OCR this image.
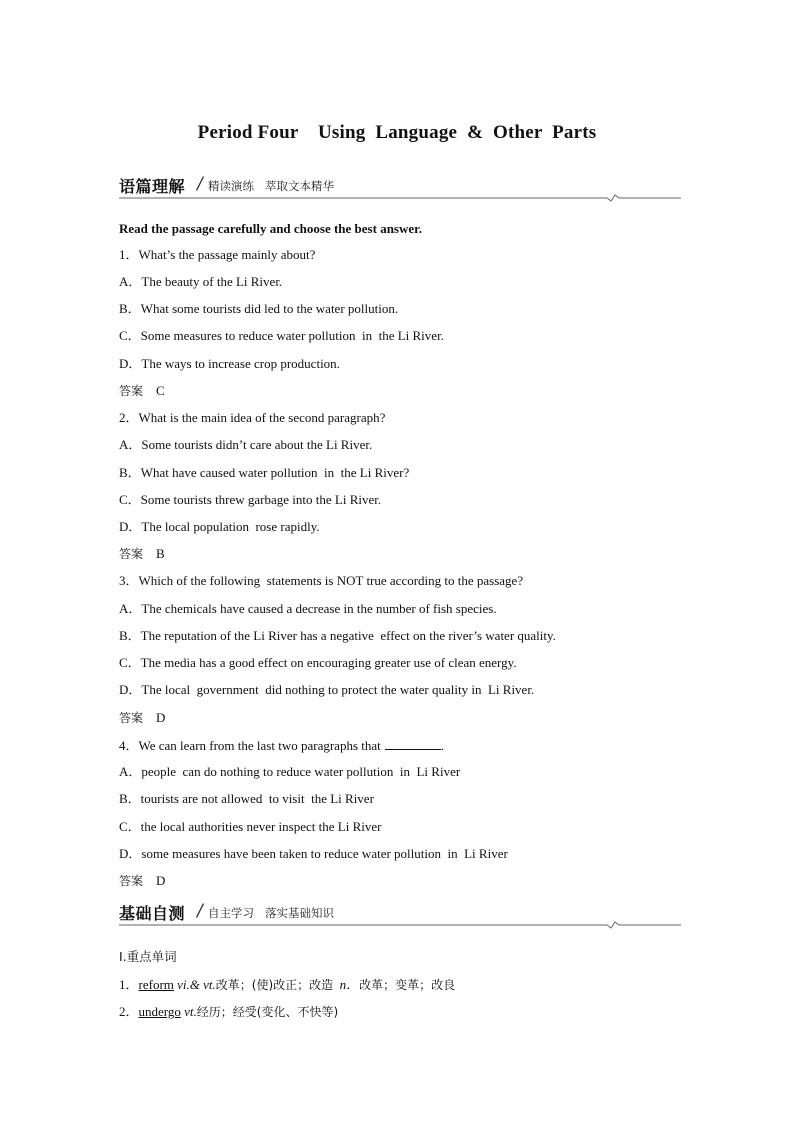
Period Four    Using  Language  &  Other  Parts
语篇理解 / 精读演练   萃取文本精华
Read the passage carefully and choose the best answer.
1．What’s the passage mainly about?
A．The beauty of the Li River.
B．What some tourists did led to the water pollution.
C．Some measures to reduce water pollution  in  the Li River.
D．The ways to increase crop production.
答案 C
2．What is the main idea of the second paragraph?
A．Some tourists didn’t care about the Li River.
B．What have caused water pollution  in  the Li River?
C．Some tourists threw garbage into the Li River.
D．The local population  rose rapidly.
答案 B
3．Which of the following  statements is NOT true according to the passage?
A．The chemicals have caused a decrease in the number of fish species.
B．The reputation of the Li River has a negative  effect on the river’s water quality.
C．The media has a good effect on encouraging greater use of clean energy.
D．The local  government  did nothing to protect the water quality in  Li River.
答案 D
4．We can learn from the last two paragraphs that	.
A．people  can do nothing to reduce water pollution  in  Li River
B．tourists are not allowed  to visit  the Li River
C．the local authorities never inspect the Li River
D．some measures have been taken to reduce water pollution  in  Li River
答案 D
基础自测 / 自主学习   落实基础知识
Ⅰ.重点单词
1．reform vi.& vt.改革；(使)改正；改造 n．改革；变革；改良
2．undergo vt.经历；经受(变化、不快等)
